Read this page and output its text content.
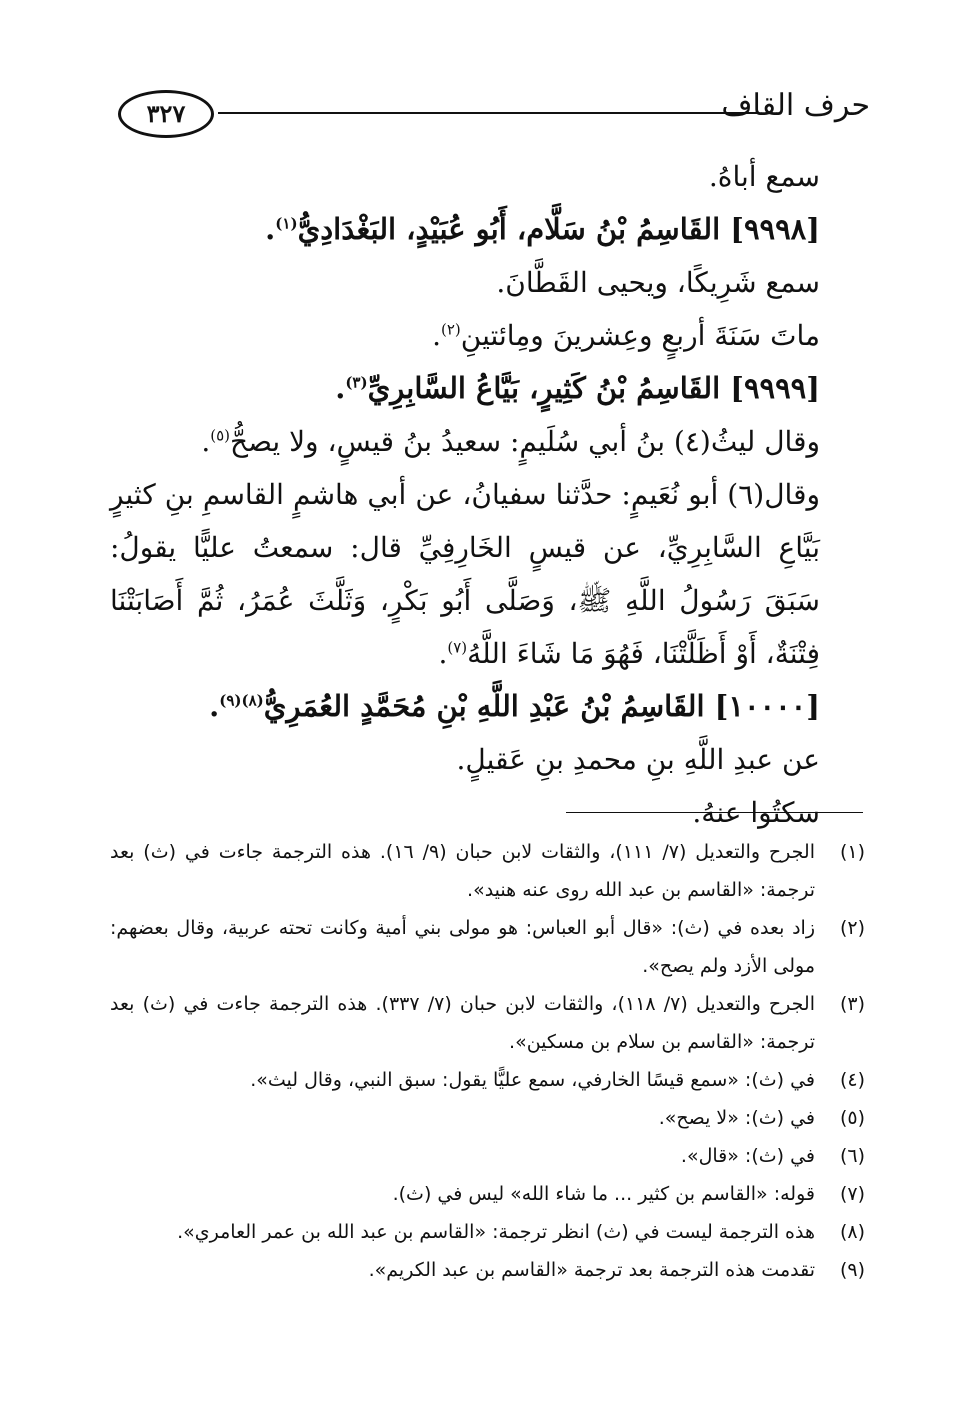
٣٢٧	حرف القاف
سمع أباهُ.
[٩٩٩٨] القَاسِمُ بْنُ سَلَّام، أَبُو عُبَيْدٍ، البَغْدَادِيُّ$^{(١)}$.
سمع شَرِيكًا، ويحيى القَطَّانَ.
ماتَ سَنَةَ أربعٍ وعِشرينَ ومِائتينِ$^{(٢)}$.
[٩٩٩٩] القَاسِمُ بْنُ كَثِيرٍ، بَيَّاعُ السَّابِرِيِّ$^{(٣)}$.
وقال ليثُ(٤) بنُ أبي سُلَيمٍ: سعيدُ بنُ قيسٍ، ولا يصحُّ$^{(٥)}$.
وقال(٦) أبو نُعَيمٍ: حدَّثنا سفيانُ، عن أبي هاشمٍ القاسمِ بنِ كثيرٍ بَيَّاعِ السَّابِرِيِّ، عن قيسٍ الخَارِفِيِّ قال: سمعتُ عليًّا يقولُ: سَبَقَ رَسُولُ اللَّهِ ﷺ، وَصَلَّى أَبُو بَكْرٍ، وَثَلَّثَ عُمَرُ، ثُمَّ أَصَابَتْنَا فِتْنَةٌ، أَوْ أَظَلَّتْنَا، فَهُوَ مَا شَاءَ اللَّهُ$^{(٧)}$.
[١٠٠٠٠] القَاسِمُ بْنُ عَبْدِ اللَّهِ بْنِ مُحَمَّدٍ العُمَرِيُّ$^{(٨)(٩)}$.
عن عبدِ اللَّهِ بنِ محمدِ بنِ عَقيلٍ.
سكتُوا عنهُ.
(١)
الجرح والتعديل (٧/ ١١١)، والثقات لابن حبان (٩/ ١٦). هذه الترجمة جاءت في (ث) بعد ترجمة: «القاسم بن عبد الله روى عنه هنيد».
(٢)
زاد بعده في (ث): «قال أبو العباس: هو مولى بني أمية وكانت تحته عربية، وقال بعضهم: مولى الأزد ولم يصح».
(٣)
الجرح والتعديل (٧/ ١١٨)، والثقات لابن حبان (٧/ ٣٣٧). هذه الترجمة جاءت في (ث) بعد ترجمة: «القاسم بن سلام بن مسكين».
(٤)
في (ث): «سمع قيسًا الخارفي، سمع عليًّا يقول: سبق النبي، وقال ليث».
(٥)
في (ث): «لا يصح».
(٦)
في (ث): «قال».
(٧)
قوله: «القاسم بن كثير ... ما شاء الله» ليس في (ث).
(٨)
هذه الترجمة ليست في (ث) انظر ترجمة: «القاسم بن عبد الله بن عمر العامري».
(٩)
تقدمت هذه الترجمة بعد ترجمة «القاسم بن عبد الكريم».
